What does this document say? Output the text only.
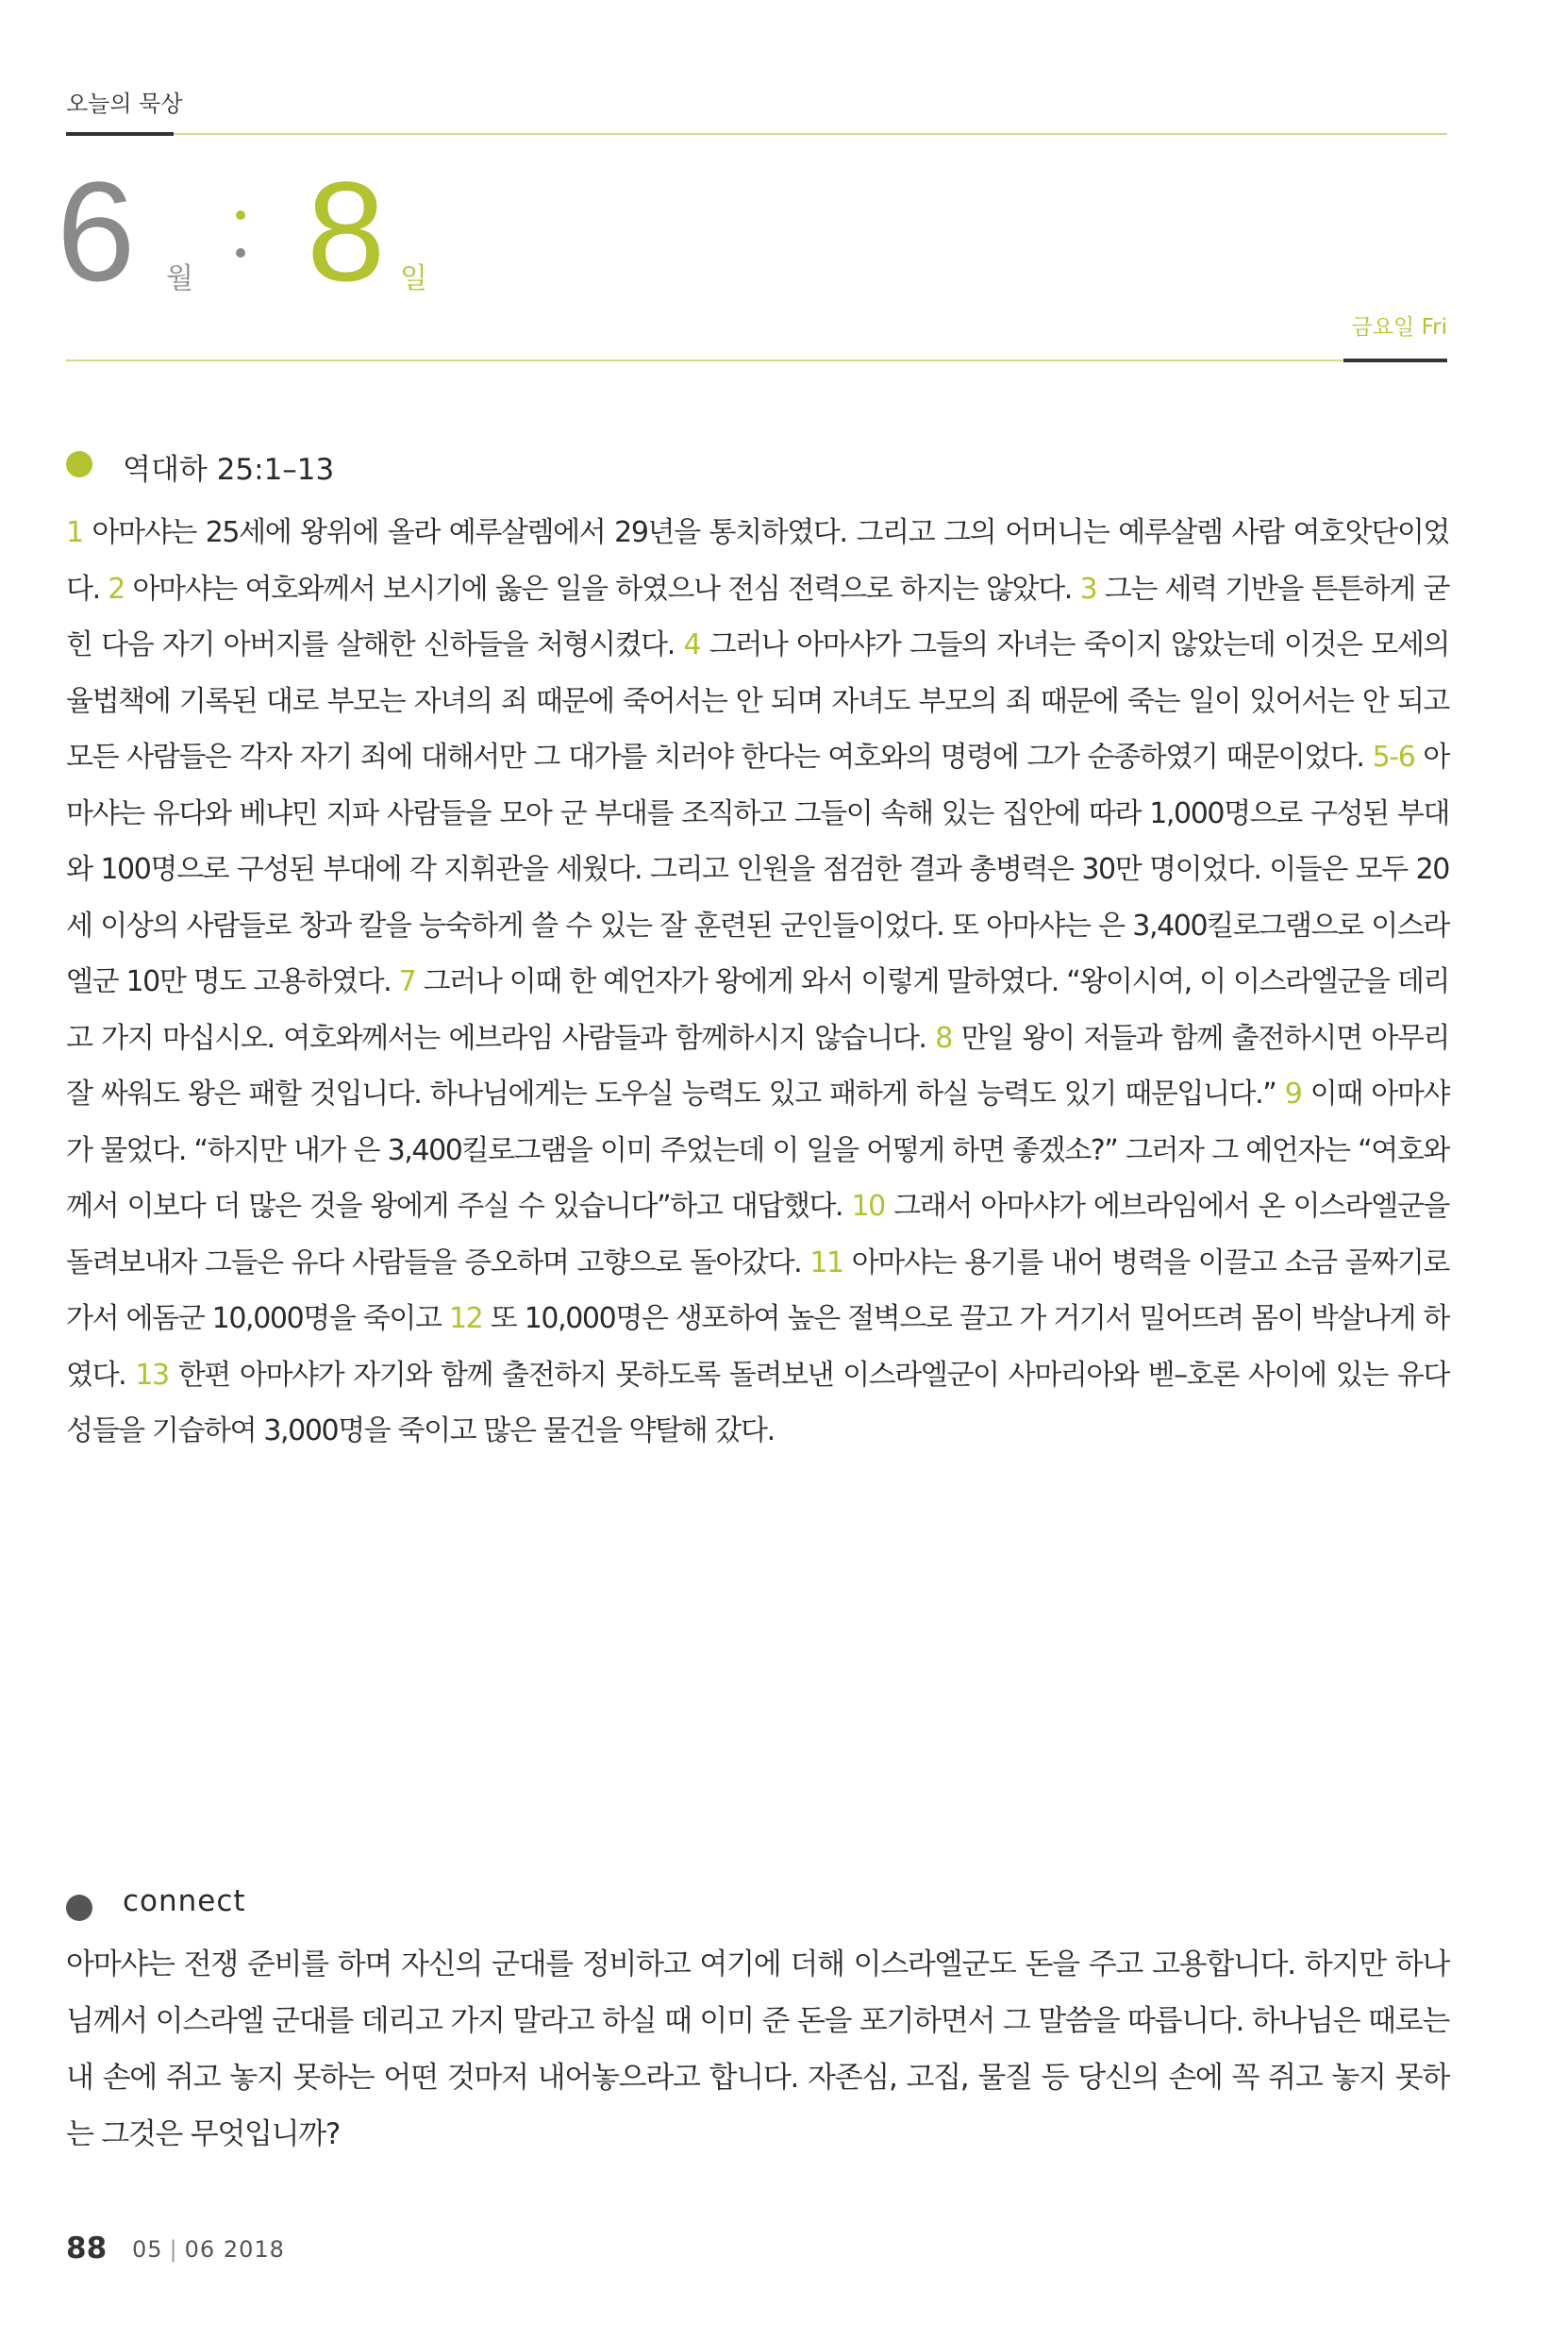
오늘의 묵상
6 월 8 일
금요일 Fri
역대하 25:1–13

1 아마샤는 25세에 왕위에 올라 예루살렘에서 29년을 통치하였다. 그리고 그의 어머니는 예루살렘 사람 여호앗단이었다. 2 아마샤는 여호와께서 보시기에 옳은 일을 하였으나 전심 전력으로 하지는 않았다. 3 그는 세력 기반을 튼튼하게 굳힌 다음 자기 아버지를 살해한 신하들을 처형시켰다. 4 그러나 아마샤가 그들의 자녀는 죽이지 않았는데 이것은 모세의 율법책에 기록된 대로 부모는 자녀의 죄 때문에 죽어서는 안 되며 자녀도 부모의 죄 때문에 죽는 일이 있어서는 안 되고 모든 사람들은 각자 자기 죄에 대해서만 그 대가를 치러야 한다는 여호와의 명령에 그가 순종하였기 때문이었다. 5-6 아마샤는 유다와 베냐민 지파 사람들을 모아 군 부대를 조직하고 그들이 속해 있는 집안에 따라 1,000명으로 구성된 부대와 100명으로 구성된 부대에 각 지휘관을 세웠다. 그리고 인원을 점검한 결과 총병력은 30만 명이었다. 이들은 모두 20세 이상의 사람들로 창과 칼을 능숙하게 쓸 수 있는 잘 훈련된 군인들이었다. 또 아마샤는 은 3,400킬로그램으로 이스라엘군 10만 명도 고용하였다. 7 그러나 이때 한 예언자가 왕에게 와서 이렇게 말하였다. “왕이시여, 이 이스라엘군을 데리고 가지 마십시오. 여호와께서는 에브라임 사람들과 함께하시지 않습니다. 8 만일 왕이 저들과 함께 출전하시면 아무리 잘 싸워도 왕은 패할 것입니다. 하나님에게는 도우실 능력도 있고 패하게 하실 능력도 있기 때문입니다.” 9 이때 아마샤가 물었다. “하지만 내가 은 3,400킬로그램을 이미 주었는데 이 일을 어떻게 하면 좋겠소?” 그러자 그 예언자는 “여호와께서 이보다 더 많은 것을 왕에게 주실 수 있습니다”하고 대답했다. 10 그래서 아마샤가 에브라임에서 온 이스라엘군을 돌려보내자 그들은 유다 사람들을 증오하며 고향으로 돌아갔다. 11 아마샤는 용기를 내어 병력을 이끌고 소금 골짜기로 가서 에돔군 10,000명을 죽이고 12 또 10,000명은 생포하여 높은 절벽으로 끌고 가 거기서 밀어뜨려 몸이 박살나게 하였다. 13 한편 아마샤가 자기와 함께 출전하지 못하도록 돌려보낸 이스라엘군이 사마리아와 벧–호론 사이에 있는 유다 성들을 기습하여 3,000명을 죽이고 많은 물건을 약탈해 갔다.

connect

아마샤는 전쟁 준비를 하며 자신의 군대를 정비하고 여기에 더해 이스라엘군도 돈을 주고 고용합니다. 하지만 하나님께서 이스라엘 군대를 데리고 가지 말라고 하실 때 이미 준 돈을 포기하면서 그 말씀을 따릅니다. 하나님은 때로는 내 손에 쥐고 놓지 못하는 어떤 것마저 내어놓으라고 합니다. 자존심, 고집, 물질 등 당신의 손에 꼭 쥐고 놓지 못하는 그것은 무엇입니까?

88 05 | 06 2018
